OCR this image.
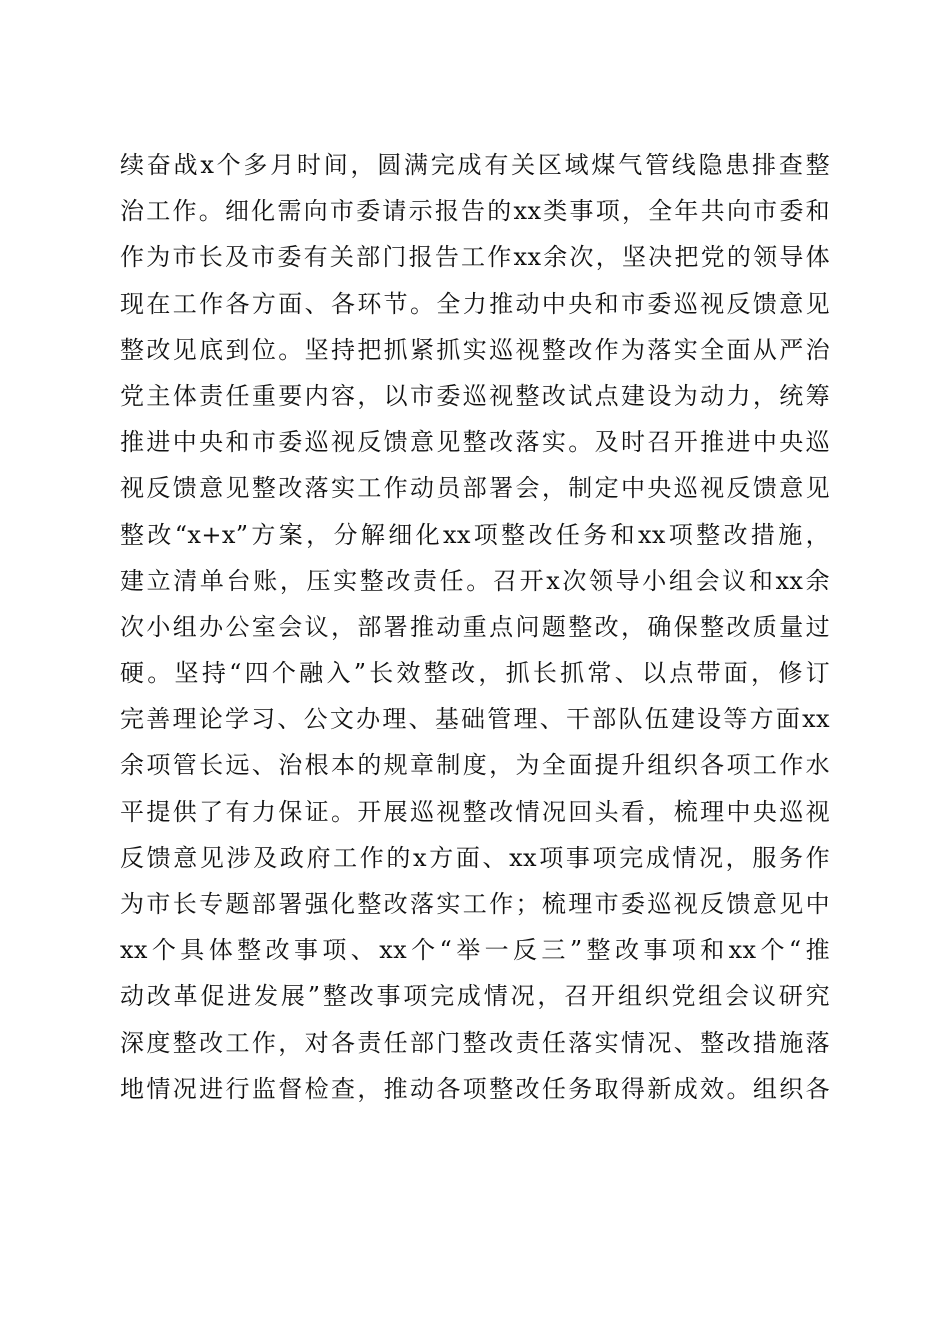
续奋战x个多月时间，圆满完成有关区域煤气管线隐患排查整
治工作。细化需向市委请示报告的xx类事项，全年共向市委和
作为市长及市委有关部门报告工作xx余次，坚决把党的领导体
现在工作各方面、各环节。全力推动中央和市委巡视反馈意见
整改见底到位。坚持把抓紧抓实巡视整改作为落实全面从严治
党主体责任重要内容，以市委巡视整改试点建设为动力，统筹
推进中央和市委巡视反馈意见整改落实。及时召开推进中央巡
视反馈意见整改落实工作动员部署会，制定中央巡视反馈意见
整改“x+x”方案，分解细化xx项整改任务和xx项整改措施，
建立清单台账，压实整改责任。召开x次领导小组会议和xx余
次小组办公室会议，部署推动重点问题整改，确保整改质量过
硬。坚持“四个融入”长效整改，抓长抓常、以点带面，修订
完善理论学习、公文办理、基础管理、干部队伍建设等方面xx
余项管长远、治根本的规章制度，为全面提升组织各项工作水
平提供了有力保证。开展巡视整改情况回头看，梳理中央巡视
反馈意见涉及政府工作的x方面、xx项事项完成情况，服务作
为市长专题部署强化整改落实工作；梳理市委巡视反馈意见中
xx个具体整改事项、xx个“举一反三”整改事项和xx个“推
动改革促进发展”整改事项完成情况，召开组织党组会议研究
深度整改工作，对各责任部门整改责任落实情况、整改措施落
地情况进行监督检查，推动各项整改任务取得新成效。组织各
